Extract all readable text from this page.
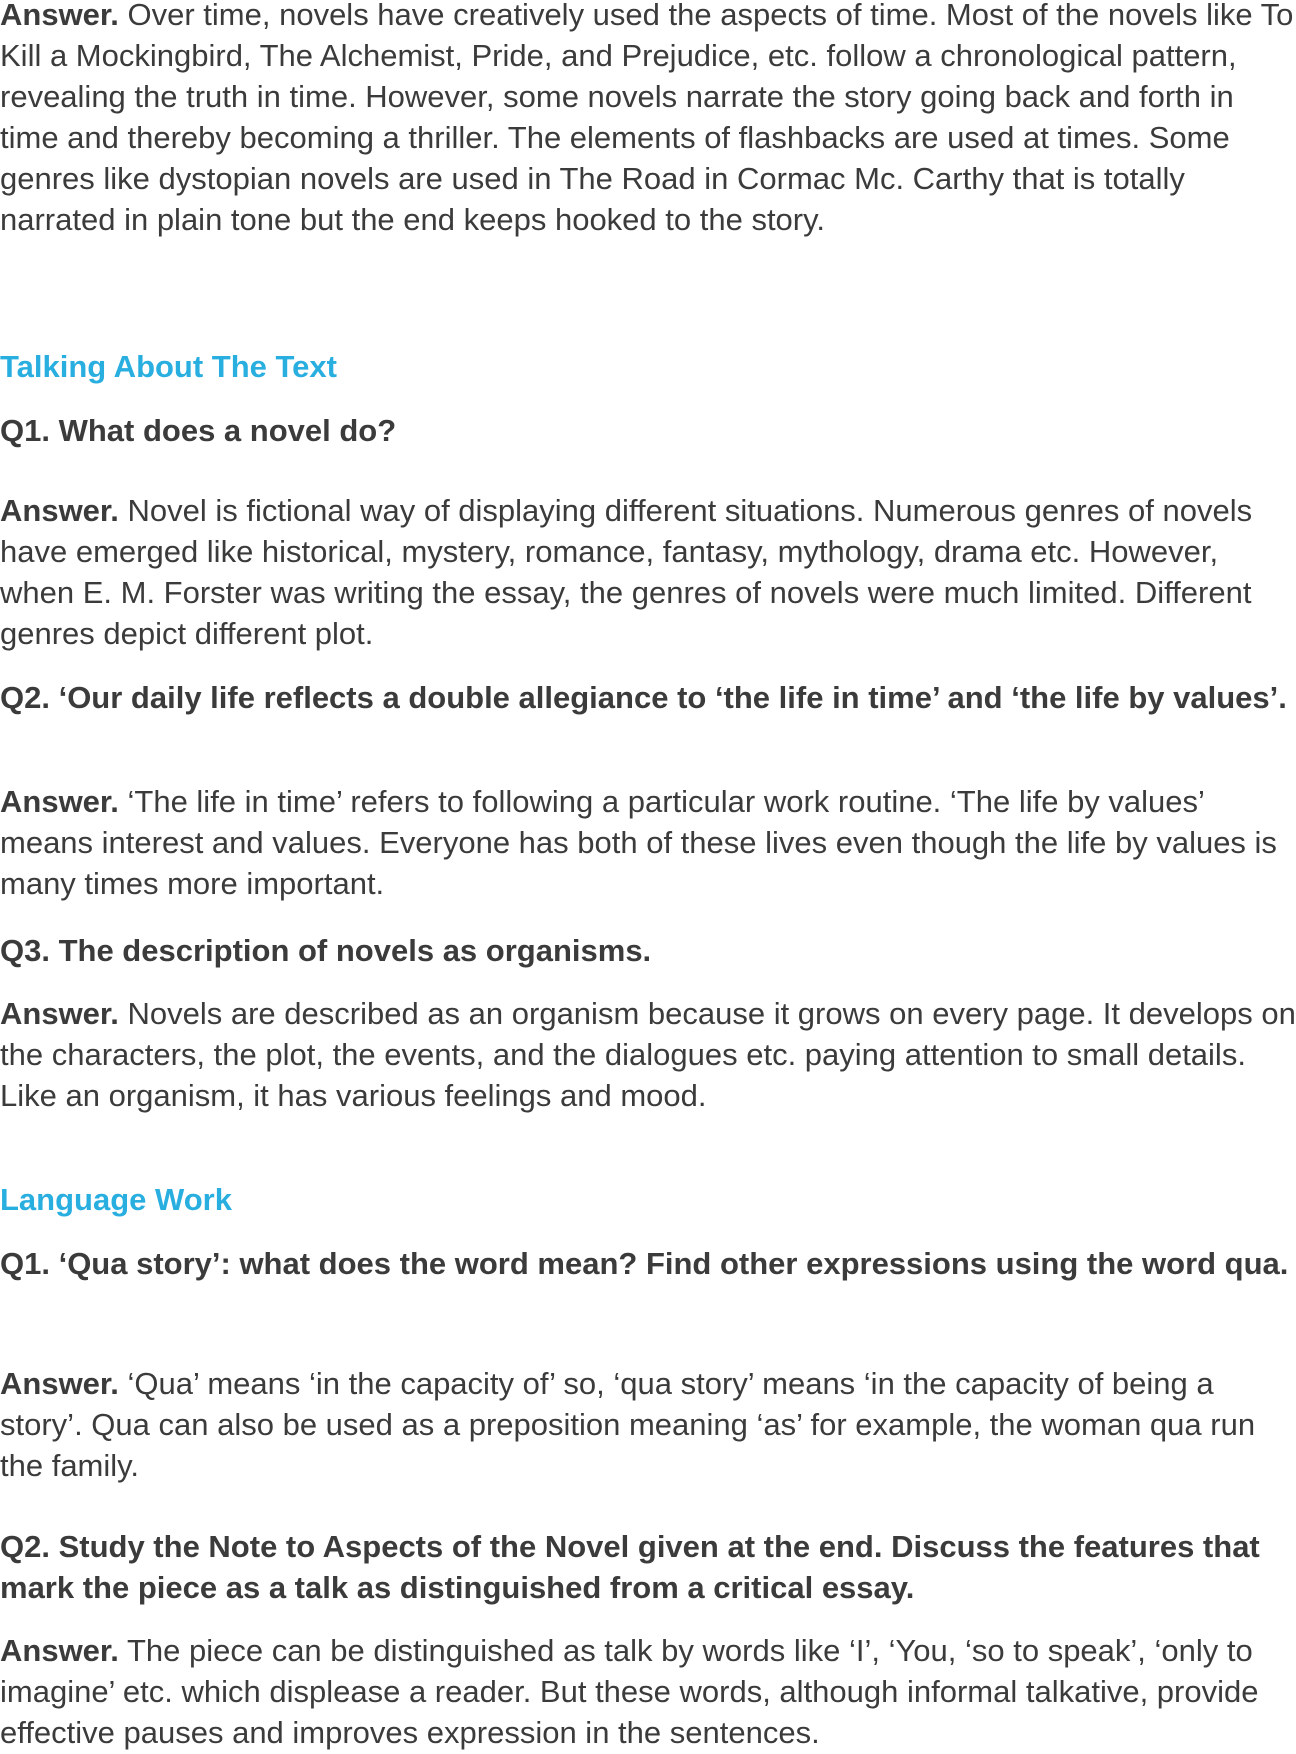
Answer. Over time, novels have creatively used the aspects of time. Most of the novels like To Kill a Mockingbird, The Alchemist, Pride, and Prejudice, etc. follow a chronological pattern, revealing the truth in time. However, some novels narrate the story going back and forth in time and thereby becoming a thriller. The elements of flashbacks are used at times. Some genres like dystopian novels are used in The Road in Cormac Mc. Carthy that is totally narrated in plain tone but the end keeps hooked to the story.

Talking About The Text

Q1. What does a novel do?

Answer. Novel is fictional way of displaying different situations. Numerous genres of novels have emerged like historical, mystery, romance, fantasy, mythology, drama etc. However, when E. M. Forster was writing the essay, the genres of novels were much limited. Different genres depict different plot.

Q2. ‘Our daily life reflects a double allegiance to ‘the life in time’ and ‘the life by values’.

Answer. ‘The life in time’ refers to following a particular work routine. ‘The life by values’ means interest and values. Everyone has both of these lives even though the life by values is many times more important.

Q3. The description of novels as organisms.

Answer. Novels are described as an organism because it grows on every page. It develops on the characters, the plot, the events, and the dialogues etc. paying attention to small details. Like an organism, it has various feelings and mood.

Language Work

Q1. ‘Qua story’: what does the word mean? Find other expressions using the word qua.

Answer. ‘Qua’ means ‘in the capacity of’ so, ‘qua story’ means ‘in the capacity of being a story’. Qua can also be used as a preposition meaning ‘as’ for example, the woman qua run the family.

Q2. Study the Note to Aspects of the Novel given at the end. Discuss the features that mark the piece as a talk as distinguished from a critical essay.

Answer. The piece can be distinguished as talk by words like ‘I’, ‘You, ‘so to speak’, ‘only to imagine’ etc. which displease a reader. But these words, although informal talkative, provide effective pauses and improves expression in the sentences.
